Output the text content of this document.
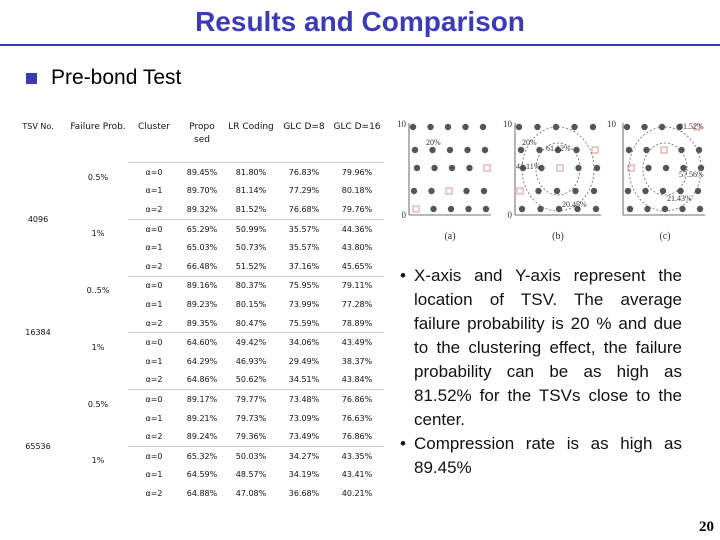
Results and Comparison
Pre-bond Test
TSV No.	Failure Prob.	Cluster	Propo sed	LR Coding	GLC D=8	GLC D=16
4096	0.5%	α=0	89.45%	81.80%	76.83%	79.96%
		α=1	89.70%	81.14%	77.29%	80.18%
		α=2	89.32%	81.52%	76.68%	79.76%
	1%	α=0	65.29%	50.99%	35.57%	44.36%
		α=1	65.03%	50.73%	35.57%	43.80%
		α=2	66.48%	51.52%	37.16%	45.65%
16384	0..5%	α=0	89.16%	80.37%	75.95%	79.11%
		α=1	89.23%	80.15%	73.99%	77.28%
		α=2	89.35%	80.47%	75.59%	78.89%
	1%	α=0	64.60%	49.42%	34.06%	43.49%
		α=1	64.29%	46.93%	29.49%	38.37%
		α=2	64.86%	50.62%	34.51%	43.84%
65536	0.5%	α=0	89.17%	79.77%	73.48%	76.86%
		α=1	89.21%	79.73%	73.09%	76.63%
		α=2	89.24%	79.36%	73.49%	76.86%
	1%	α=0	65.32%	50.03%	34.27%	43.35%
		α=1	64.59%	48.57%	34.19%	43.41%
		α=2	64.88%	47.08%	36.68%	40.21%
(a)
10
0
20%
(b)
10
0
10
61.12%
41.11%
20%
20.45%
(c)
81.52%
57.56%
21.43%
• X-axis and Y-axis represent the location of TSV. The average failure probability is 20 % and due to the clustering effect, the failure probability can be as high as 81.52% for the TSVs close to the center.
• Compression rate is as high as 89.45%
20
